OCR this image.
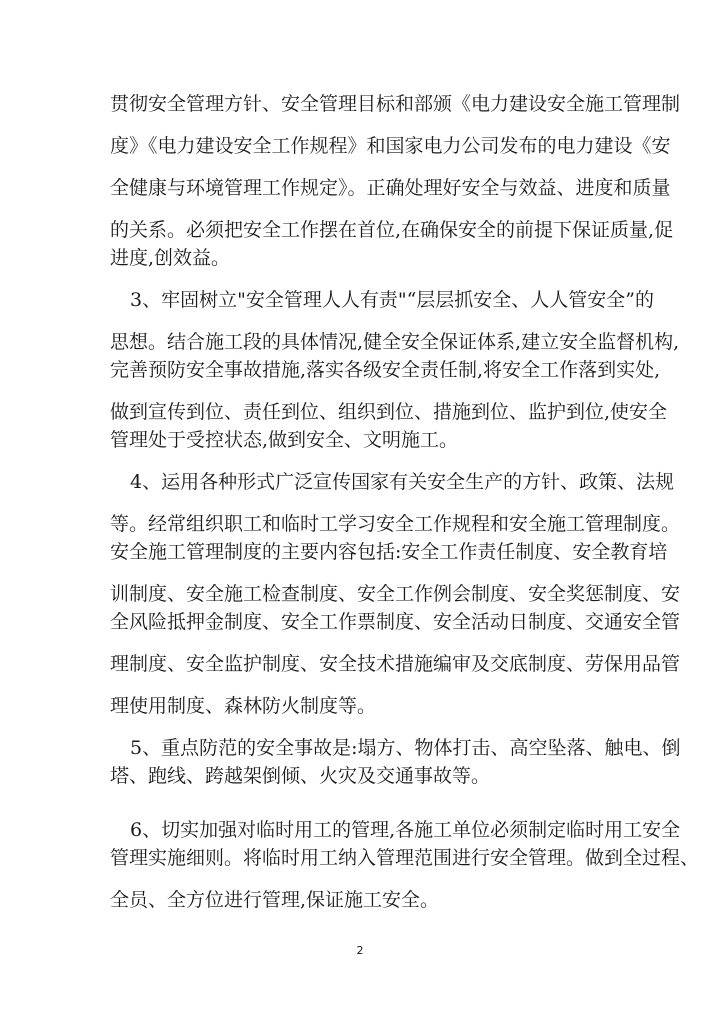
贯彻安全管理方针、安全管理目标和部颁《电力建设安全施工管理制
度》《电力建设安全工作规程》和国家电力公司发布的电力建设《安
全健康与环境管理工作规定》。正确处理好安全与效益、进度和质量
的关系。必须把安全工作摆在首位,在确保安全的前提下保证质量,促
进度,创效益。
3、牢固树立"安全管理人人有责"“层层抓安全、人人管安全”的
思想。结合施工段的具体情况,健全安全保证体系,建立安全监督机构,
完善预防安全事故措施,落实各级安全责任制,将安全工作落到实处,
做到宣传到位、责任到位、组织到位、措施到位、监护到位,使安全
管理处于受控状态,做到安全、文明施工。
4、运用各种形式广泛宣传国家有关安全生产的方针、政策、法规
等。经常组织职工和临时工学习安全工作规程和安全施工管理制度。
安全施工管理制度的主要内容包括:安全工作责任制度、安全教育培
训制度、安全施工检查制度、安全工作例会制度、安全奖惩制度、安
全风险抵押金制度、安全工作票制度、安全活动日制度、交通安全管
理制度、安全监护制度、安全技术措施编审及交底制度、劳保用品管
理使用制度、森林防火制度等。
5、重点防范的安全事故是:塌方、物体打击、高空坠落、触电、倒
塔、跑线、跨越架倒倾、火灾及交通事故等。
6、切实加强对临时用工的管理,各施工单位必须制定临时用工安全
管理实施细则。将临时用工纳入管理范围进行安全管理。做到全过程、
全员、全方位进行管理,保证施工安全。
2
